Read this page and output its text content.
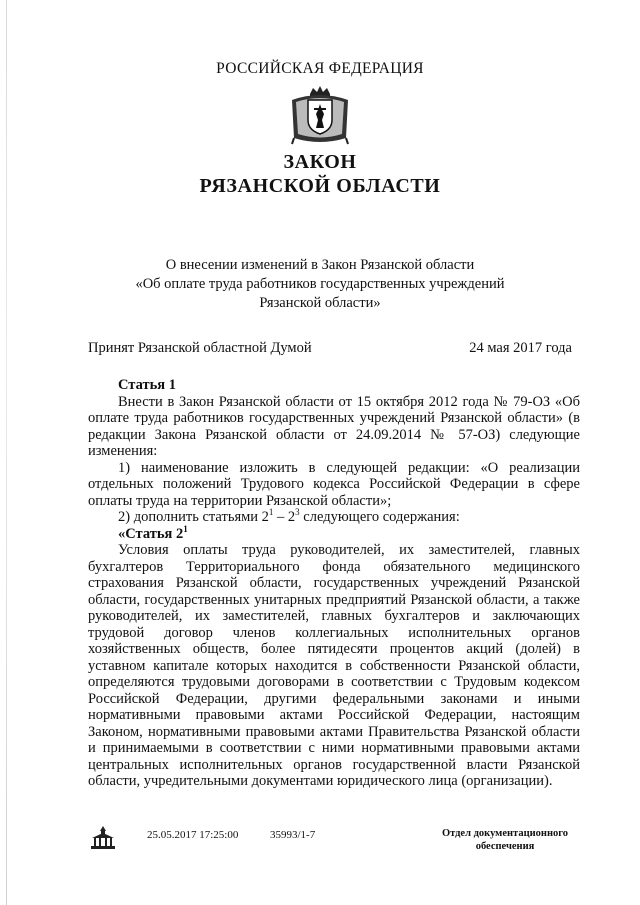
РОССИЙСКАЯ ФЕДЕРАЦИЯ
ЗАКОН
РЯЗАНСКОЙ ОБЛАСТИ
О внесении изменений в Закон Рязанской области
«Об оплате труда работников государственных учреждений
Рязанской области»
Принят Рязанской областной Думой	24 мая 2017 года

Статья 1

Внести в Закон Рязанской области от 15 октября 2012 года № 79-ОЗ «Об оплате труда работников государственных учреждений Рязанской области» (в редакции Закона Рязанской области от 24.09.2014 № 57-ОЗ) следующие изменения:

1) наименование изложить в следующей редакции: «О реализации отдельных положений Трудового кодекса Российской Федерации в сфере оплаты труда на территории Рязанской области»;

2) дополнить статьями $2^1 - 2^3$ следующего содержания:

«Статья $2^1$

Условия оплаты труда руководителей, их заместителей, главных бухгалтеров Территориального фонда обязательного медицинского страхования Рязанской области, государственных учреждений Рязанской области, государственных унитарных предприятий Рязанской области, а также руководителей, их заместителей, главных бухгалтеров и заключающих трудовой договор членов коллегиальных исполнительных органов хозяйственных обществ, более пятидесяти процентов акций (долей) в уставном капитале которых находится в собственности Рязанской области, определяются трудовыми договорами в соответствии с Трудовым кодексом Российской Федерации, другими федеральными законами и иными нормативными правовыми актами Российской Федерации, настоящим Законом, нормативными правовыми актами Правительства Рязанской области и принимаемыми в соответствии с ними нормативными правовыми актами центральных исполнительных органов государственной власти Рязанской области, учредительными документами юридического лица (организации).

25.05.2017 17:25:00	35993/1-7	Отдел документационного
обеспечения
